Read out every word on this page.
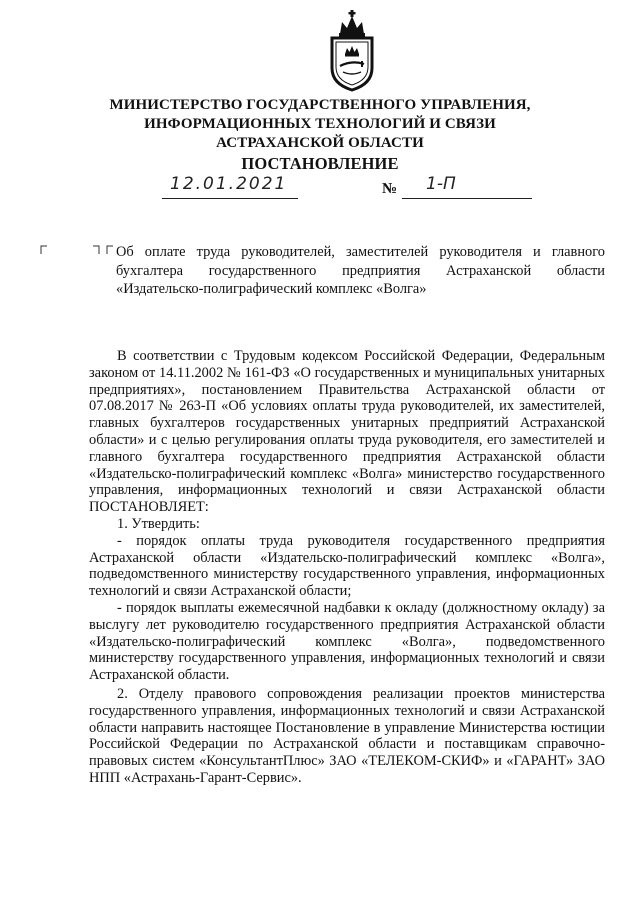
МИНИСТЕРСТВО ГОСУДАРСТВЕННОГО УПРАВЛЕНИЯ,
ИНФОРМАЦИОННЫХ ТЕХНОЛОГИЙ И СВЯЗИ
АСТРАХАНСКОЙ ОБЛАСТИ
ПОСТАНОВЛЕНИЕ
12.01.2021	№ 1-П
Об оплате труда руководителей, заместителей руководителя и главного бухгалтера государственного предприятия Астраханской области «Издательско-полиграфический комплекс «Волга»

В соответствии с Трудовым кодексом Российской Федерации, Федеральным законом от 14.11.2002 № 161-ФЗ «О государственных и муниципальных унитарных предприятиях», постановлением Правительства Астраханской области от 07.08.2017 № 263-П «Об условиях оплаты труда руководителей, их заместителей, главных бухгалтеров государственных унитарных предприятий Астраханской области» и с целью регулирования оплаты труда руководителя, его заместителей и главного бухгалтера государственного предприятия Астраханской области «Издательско-полиграфический комплекс «Волга» министерство государственного управления, информационных технологий и связи Астраханской области ПОСТАНОВЛЯЕТ:

1. Утвердить:

- порядок оплаты труда руководителя государственного предприятия Астраханской области «Издательско-полиграфический комплекс «Волга», подведомственного министерству государственного управления, информационных технологий и связи Астраханской области;

- порядок выплаты ежемесячной надбавки к окладу (должностному окладу) за выслугу лет руководителю государственного предприятия Астраханской области «Издательско-полиграфический комплекс «Волга», подведомственного министерству государственного управления, информационных технологий и связи Астраханской области.

2. Отделу правового сопровождения реализации проектов министерства государственного управления, информационных технологий и связи Астраханской области направить настоящее Постановление в управление Министерства юстиции Российской Федерации по Астраханской области и поставщикам справочно-правовых систем «КонсультантПлюс» ЗАО «ТЕЛЕКОМ-СКИФ» и «ГАРАНТ» ЗАО НПП «Астрахань-Гарант-Сервис».
